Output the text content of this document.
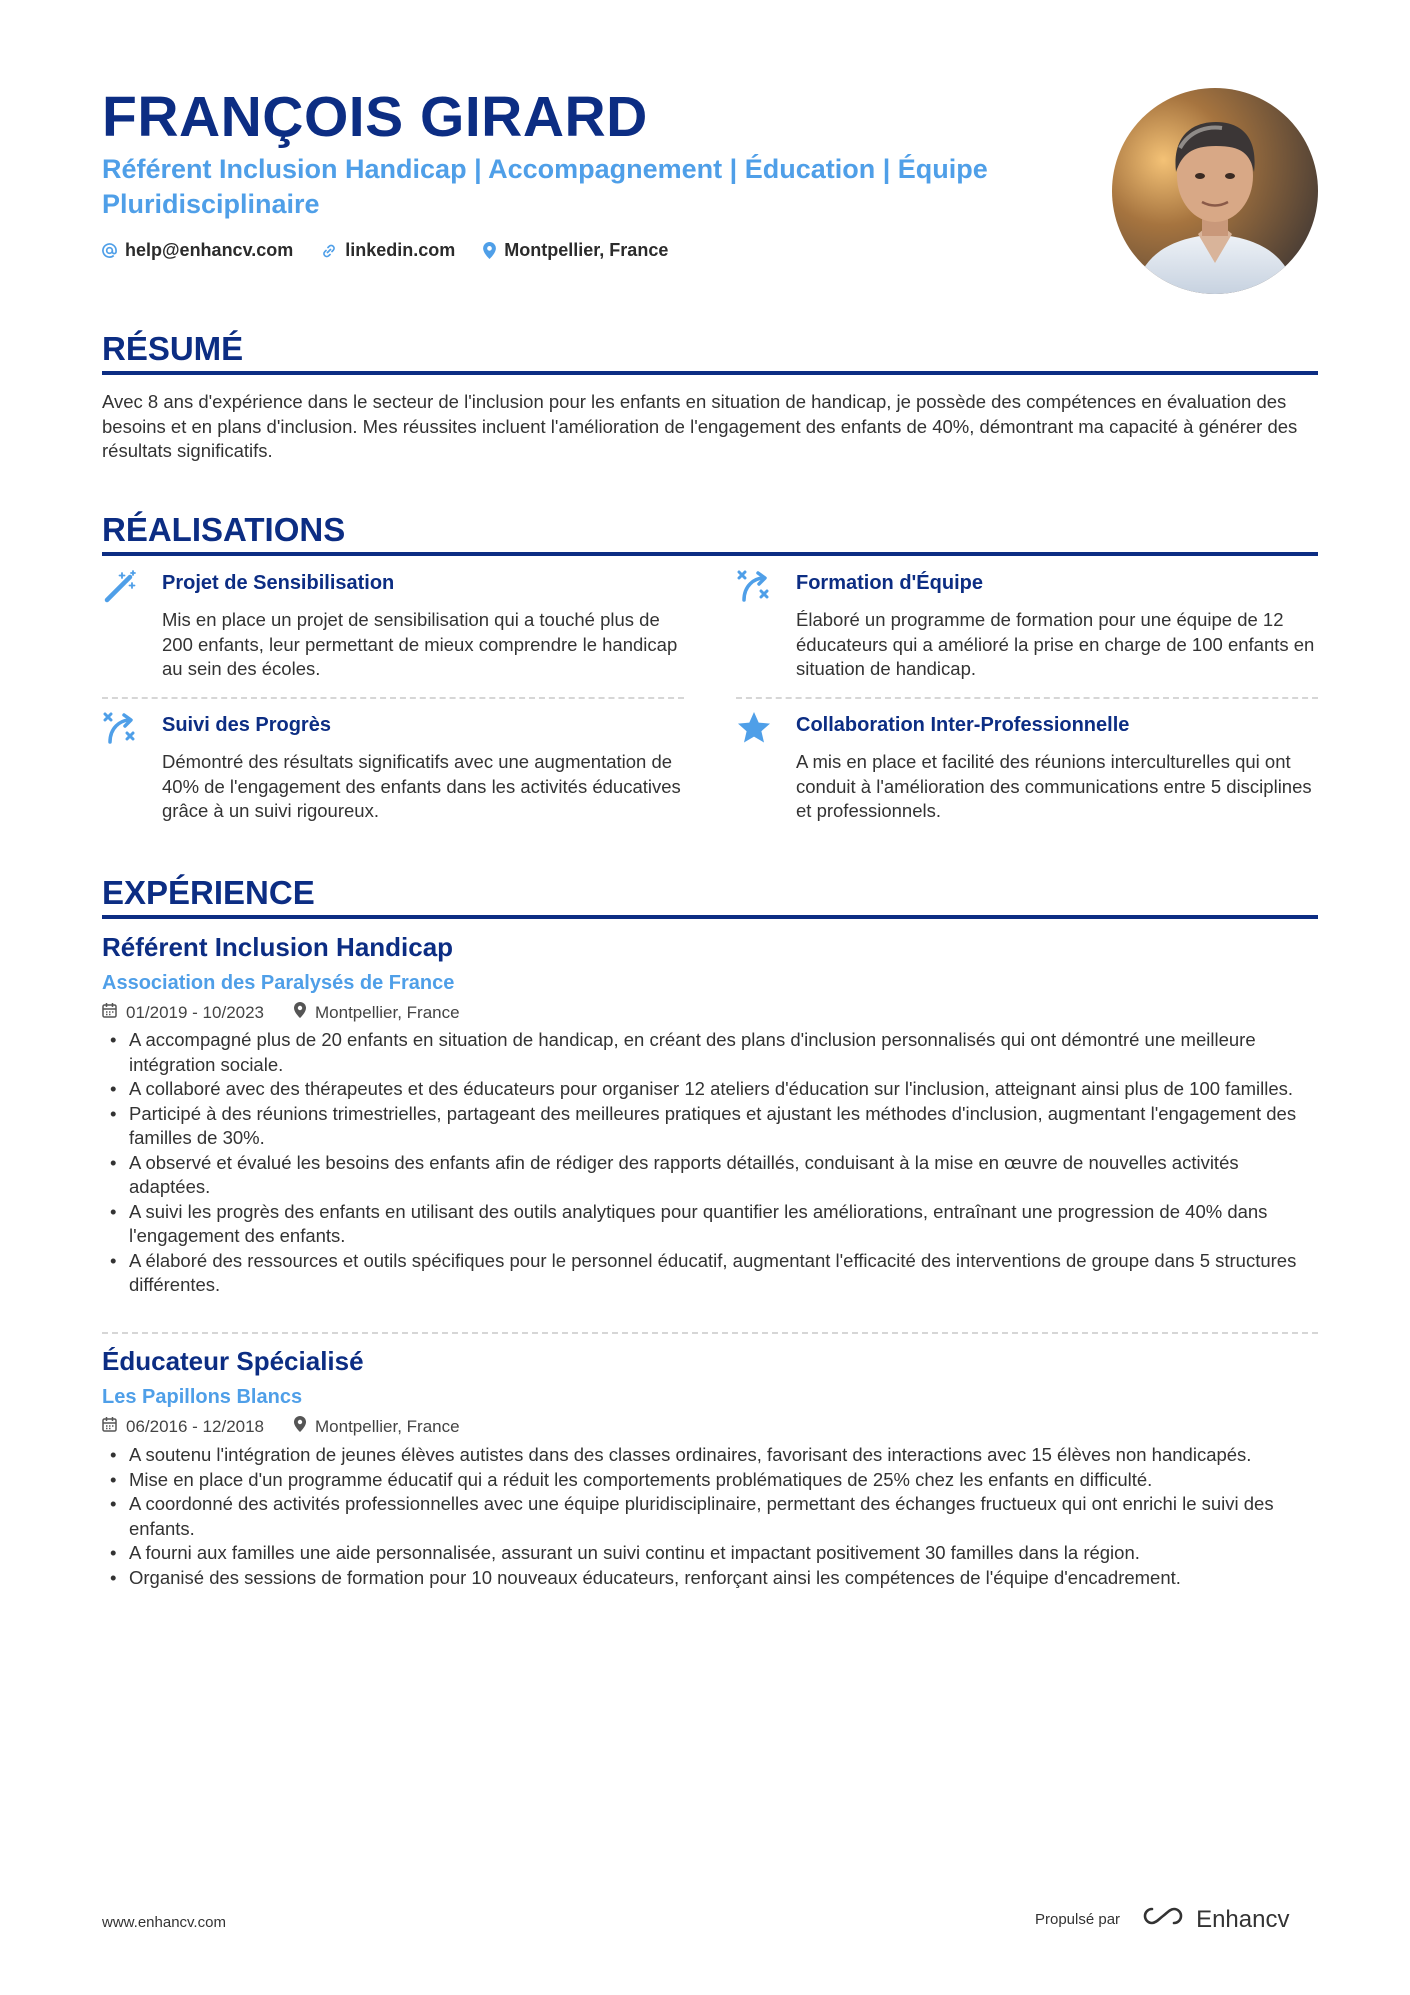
FRANÇOIS GIRARD

Référent Inclusion Handicap | Accompagnement | Éducation | Équipe Pluridisciplinaire

help@enhancv.com	linkedin.com	Montpellier, France
RÉSUMÉ

Avec 8 ans d'expérience dans le secteur de l'inclusion pour les enfants en situation de handicap, je possède des compétences en évaluation des besoins et en plans d'inclusion. Mes réussites incluent l'amélioration de l'engagement des enfants de 40%, démontrant ma capacité à générer des résultats significatifs.

RÉALISATIONS
Projet de Sensibilisation

Mis en place un projet de sensibilisation qui a touché plus de 200 enfants, leur permettant de mieux comprendre le handicap au sein des écoles.

Formation d'Équipe

Élaboré un programme de formation pour une équipe de 12 éducateurs qui a amélioré la prise en charge de 100 enfants en situation de handicap.

Suivi des Progrès

Démontré des résultats significatifs avec une augmentation de 40% de l'engagement des enfants dans les activités éducatives grâce à un suivi rigoureux.

Collaboration Inter-Professionnelle

A mis en place et facilité des réunions interculturelles qui ont conduit à l'amélioration des communications entre 5 disciplines et professionnels.

EXPÉRIENCE
Référent Inclusion Handicap

Association des Paralysés de France

01/2019 - 10/2023	Montpellier, France
• A accompagné plus de 20 enfants en situation de handicap, en créant des plans d'inclusion personnalisés qui ont démontré une meilleure intégration sociale.
• A collaboré avec des thérapeutes et des éducateurs pour organiser 12 ateliers d'éducation sur l'inclusion, atteignant ainsi plus de 100 familles.
• Participé à des réunions trimestrielles, partageant des meilleures pratiques et ajustant les méthodes d'inclusion, augmentant l'engagement des familles de 30%.
• A observé et évalué les besoins des enfants afin de rédiger des rapports détaillés, conduisant à la mise en œuvre de nouvelles activités adaptées.
• A suivi les progrès des enfants en utilisant des outils analytiques pour quantifier les améliorations, entraînant une progression de 40% dans l'engagement des enfants.
• A élaboré des ressources et outils spécifiques pour le personnel éducatif, augmentant l'efficacité des interventions de groupe dans 5 structures différentes.
Éducateur Spécialisé

Les Papillons Blancs

06/2016 - 12/2018	Montpellier, France
• A soutenu l'intégration de jeunes élèves autistes dans des classes ordinaires, favorisant des interactions avec 15 élèves non handicapés.
• Mise en place d'un programme éducatif qui a réduit les comportements problématiques de 25% chez les enfants en difficulté.
• A coordonné des activités professionnelles avec une équipe pluridisciplinaire, permettant des échanges fructueux qui ont enrichi le suivi des enfants.
• A fourni aux familles une aide personnalisée, assurant un suivi continu et impactant positivement 30 familles dans la région.
• Organisé des sessions de formation pour 10 nouveaux éducateurs, renforçant ainsi les compétences de l'équipe d'encadrement.
www.enhancv.com	Propulsé par	Enhancv
